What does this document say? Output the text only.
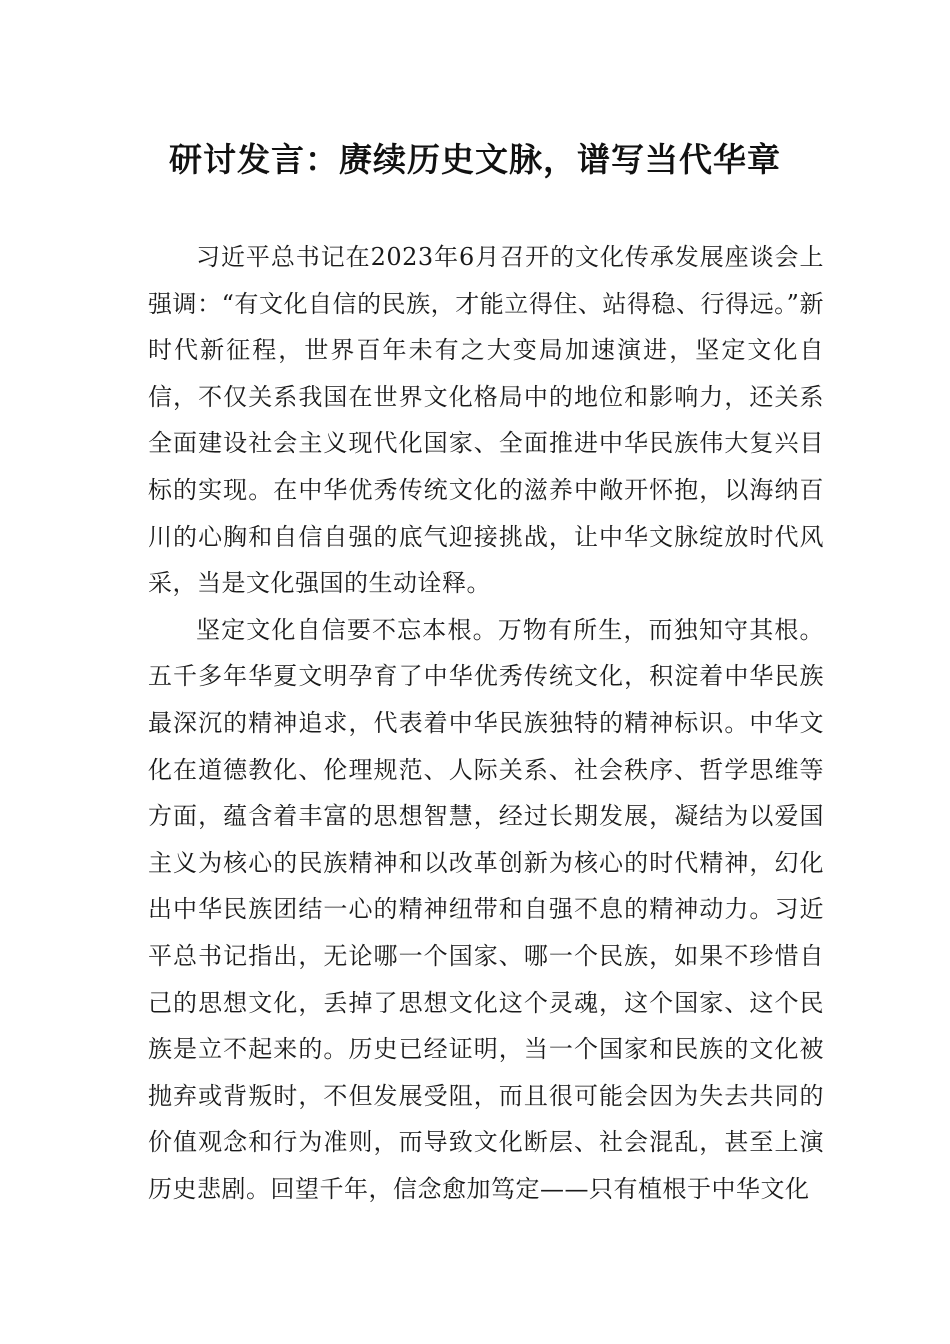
研讨发言：赓续历史文脉，谱写当代华章

习近平总书记在2023年6月召开的文化传承发展座谈会上强调：“有文化自信的民族，才能立得住、站得稳、行得远。”新时代新征程，世界百年未有之大变局加速演进，坚定文化自信，不仅关系我国在世界文化格局中的地位和影响力，还关系全面建设社会主义现代化国家、全面推进中华民族伟大复兴目标的实现。在中华优秀传统文化的滋养中敞开怀抱，以海纳百川的心胸和自信自强的底气迎接挑战，让中华文脉绽放时代风采，当是文化强国的生动诠释。

坚定文化自信要不忘本根。万物有所生，而独知守其根。五千多年华夏文明孕育了中华优秀传统文化，积淀着中华民族最深沉的精神追求，代表着中华民族独特的精神标识。中华文化在道德教化、伦理规范、人际关系、社会秩序、哲学思维等方面，蕴含着丰富的思想智慧，经过长期发展，凝结为以爱国主义为核心的民族精神和以改革创新为核心的时代精神，幻化出中华民族团结一心的精神纽带和自强不息的精神动力。习近平总书记指出，无论哪一个国家、哪一个民族，如果不珍惜自己的思想文化，丢掉了思想文化这个灵魂，这个国家、这个民族是立不起来的。历史已经证明，当一个国家和民族的文化被抛弃或背叛时，不但发展受阻，而且很可能会因为失去共同的价值观念和行为准则，而导致文化断层、社会混乱，甚至上演历史悲剧。回望千年，信念愈加笃定——只有植根于中华文化
